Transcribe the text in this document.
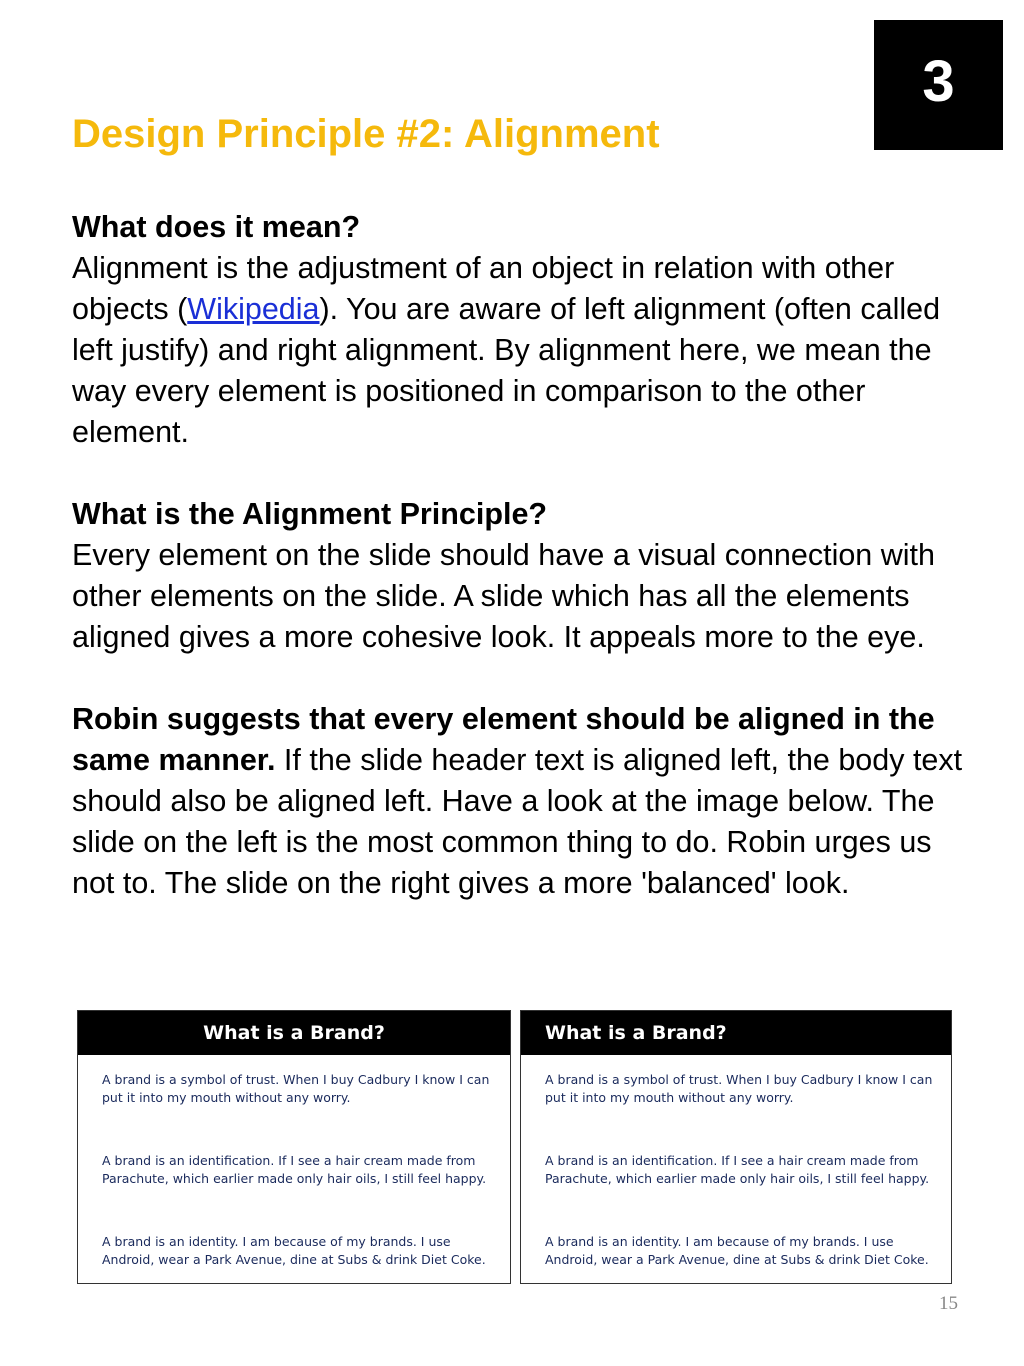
3
Design Principle #2: Alignment

What does it mean?

Alignment is the adjustment of an object in relation with other objects (Wikipedia). You are aware of left alignment (often called left justify) and right alignment. By alignment here, we mean the way every element is positioned in comparison to the other element.

What is the Alignment Principle?

Every element on the slide should have a visual connection with other elements on the slide. A slide which has all the elements aligned gives a more cohesive look. It appeals more to the eye.

Robin suggests that every element should be aligned in the same manner. If the slide header text is aligned left, the body text should also be aligned left. Have a look at the image below. The slide on the left is the most common thing to do. Robin urges us not to. The slide on the right gives a more 'balanced' look.

What is a Brand?

A brand is a symbol of trust. When I buy Cadbury I know I can put it into my mouth without any worry.

A brand is an identification. If I see a hair cream made from Parachute, which earlier made only hair oils, I still feel happy.

A brand is an identity. I am because of my brands. I use Android, wear a Park Avenue, dine at Subs & drink Diet Coke.

What is a Brand?

A brand is a symbol of trust. When I buy Cadbury I know I can put it into my mouth without any worry.

A brand is an identification. If I see a hair cream made from Parachute, which earlier made only hair oils, I still feel happy.

A brand is an identity. I am because of my brands. I use Android, wear a Park Avenue, dine at Subs & drink Diet Coke.

15
